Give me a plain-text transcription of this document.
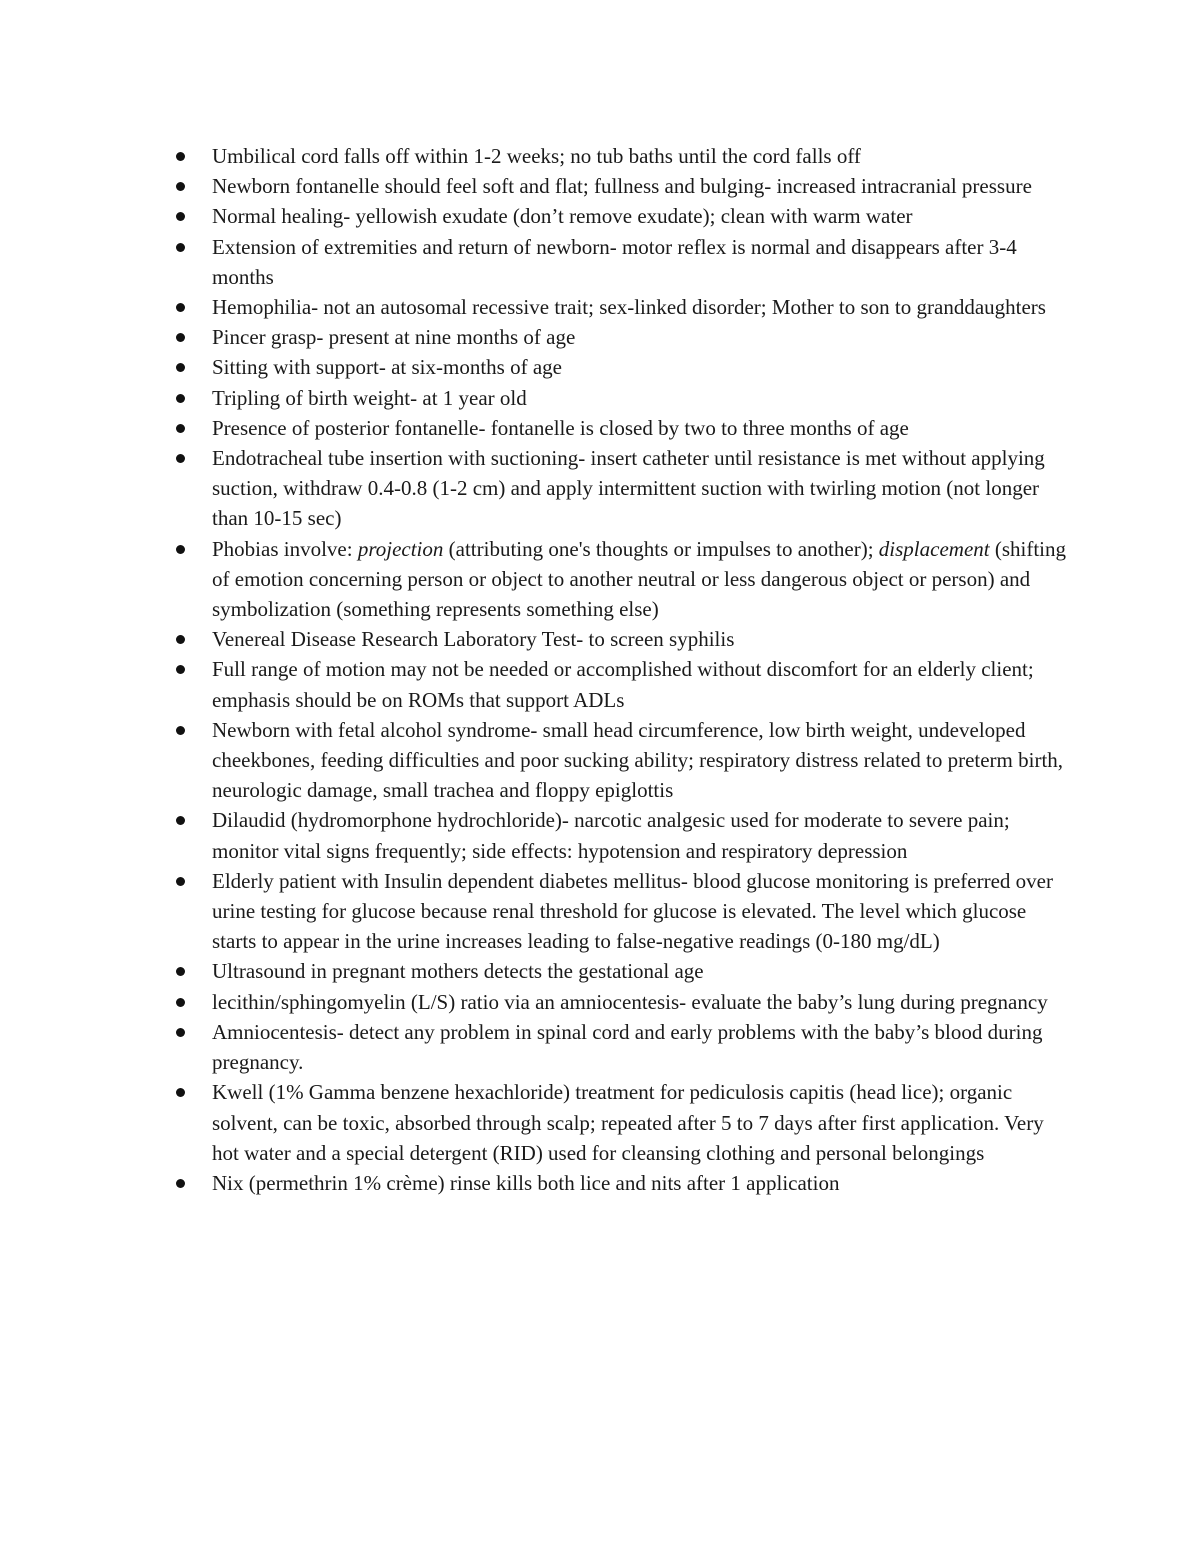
Umbilical cord falls off within 1-2 weeks; no tub baths until the cord falls off
Newborn fontanelle should feel soft and flat; fullness and bulging- increased intracranial pressure
Normal healing- yellowish exudate (don’t remove exudate); clean with warm water
Extension of extremities and return of newborn- motor reflex is normal and disappears after 3-4 months
Hemophilia- not an autosomal recessive trait; sex-linked disorder; Mother to son to granddaughters
Pincer grasp- present at nine months of age
Sitting with support- at six-months of age
Tripling of birth weight- at 1 year old
Presence of posterior fontanelle- fontanelle is closed by two to three months of age
Endotracheal tube insertion with suctioning- insert catheter until resistance is met without applying suction, withdraw 0.4-0.8 (1-2 cm) and apply intermittent suction with twirling motion (not longer than 10-15 sec)
Phobias involve: projection (attributing one's thoughts or impulses to another); displacement (shifting of emotion concerning person or object to another neutral or less dangerous object or person) and symbolization (something represents something else)
Venereal Disease Research Laboratory Test- to screen syphilis
Full range of motion may not be needed or accomplished without discomfort for an elderly client; emphasis should be on ROMs that support ADLs
Newborn with fetal alcohol syndrome- small head circumference, low birth weight, undeveloped cheekbones, feeding difficulties and poor sucking ability; respiratory distress related to preterm birth, neurologic damage, small trachea and floppy epiglottis
Dilaudid (hydromorphone hydrochloride)- narcotic analgesic used for moderate to severe pain; monitor vital signs frequently; side effects: hypotension and respiratory depression
Elderly patient with Insulin dependent diabetes mellitus- blood glucose monitoring is preferred over urine testing for glucose because renal threshold for glucose is elevated. The level which glucose starts to appear in the urine increases leading to false-negative readings (0-180 mg/dL)
Ultrasound in pregnant mothers detects the gestational age
lecithin/sphingomyelin (L/S) ratio via an amniocentesis- evaluate the baby’s lung during pregnancy
Amniocentesis- detect any problem in spinal cord and early problems with the baby’s blood during pregnancy.
Kwell (1% Gamma benzene hexachloride) treatment for pediculosis capitis (head lice); organic solvent, can be toxic, absorbed through scalp; repeated after 5 to 7 days after first application. Very hot water and a special detergent (RID) used for cleansing clothing and personal belongings
Nix (permethrin 1% crème) rinse kills both lice and nits after 1 application
